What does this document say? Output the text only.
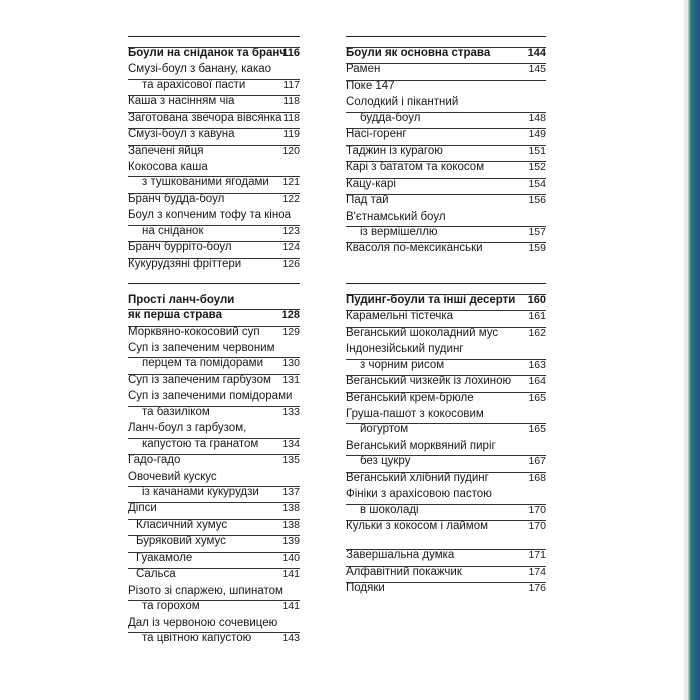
Боули на сніданок та бранч
116
Смузі-боул з банану, какао
та арахісової пасти	117
Каша з насінням чіа	118
Заготована звечора вівсянка 118
Смузі-боул з кавуна	119
Запечені яйця	120
Кокосова каша
з тушкованими ягодами 121
Бранч будда-боул	122
Боул з копченим тофу та кіноа
на сніданок	123
Бранч бурріто-боул	124
Кукурудзяні фріттери	126
Боули як основна страва	144
Рамен	145
Поке 147
Солодкий і пікантний
будда-боул	148
Насі-горенг	149
Таджин із курагою	151
Карі з бататом та кокосом	152
Кацу-карі	154
Пад тай	156
В'єтнамський боул
із вермішеллю	157
Квасоля по-мексиканськи	159
Прості ланч-боули
як перша страва	128
Морквяно-кокосовий суп 129
Суп із запеченим червоним
перцем та помідорами 130
Суп із запеченим гарбузом 131
Суп із запеченими помідорами
та базиліком	133
Ланч-боул з гарбузом,
капустою та гранатом 134
Гадо-гадо	135
Овочевий кускус
із качанами кукурудзи 137
Діпси	138
Класичний хумус	138
Буряковий хумус	139
Гуакамоле	140
Сальса	141
Різото зі спаржею, шпинатом
та горохом	141
Дал із червоною сочевицею
та цвітною капустою	143
Пудинг-боули та інші десерти 160
Карамельні тістечка	161
Веганський шоколадний мус	162
Індонезійський пудинг
з чорним рисом	163
Веганський чизкейк із лохиною 164
Веганський крем-брюле	165
Груша-пашот з кокосовим
йогуртом	165
Веганський морквяний пиріг
без цукру	167
Веганський хлібний пудинг	168
Фініки з арахісовою пастою
в шоколаді	170
Кульки з кокосом і лаймом	170
Завершальна думка	171
Алфавітний покажчик	174
Подяки	176
